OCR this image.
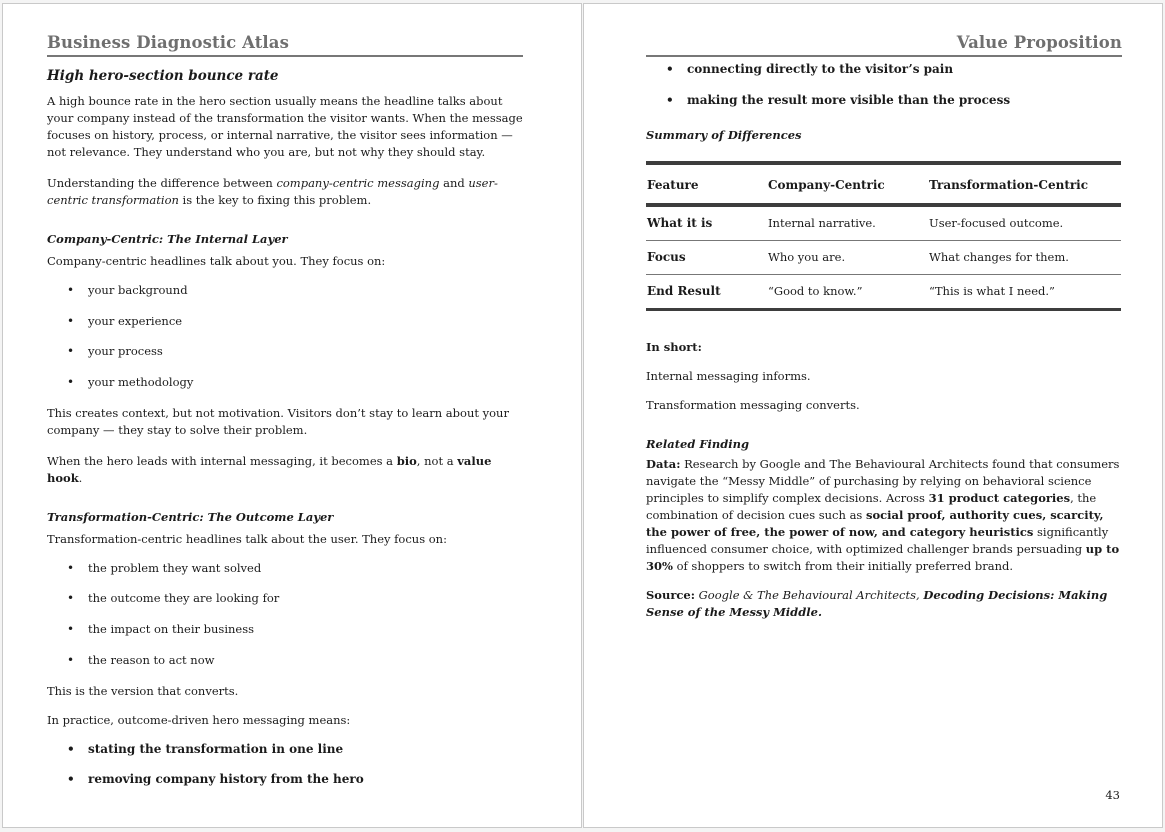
Business Diagnostic Atlas
High hero-section bounce rate

A high bounce rate in the hero section usually means the headline talks about your company instead of the transformation the visitor wants. When the message focuses on history, process, or internal narrative, the visitor sees information — not relevance. They understand who you are, but not why they should stay.

Understanding the difference between company-centric messaging and user-centric transformation is the key to fixing this problem.

Company-Centric: The Internal Layer

Company-centric headlines talk about you. They focus on:

• your background
• your experience
• your process
• your methodology

This creates context, but not motivation. Visitors don’t stay to learn about your company — they stay to solve their problem.

When the hero leads with internal messaging, it becomes a bio, not a value hook.

Transformation-Centric: The Outcome Layer

Transformation-centric headlines talk about the user. They focus on:

• the problem they want solved
• the outcome they are looking for
• the impact on their business
• the reason to act now

This is the version that converts.

In practice, outcome-driven hero messaging means:

• stating the transformation in one line
• removing company history from the hero
Value Proposition
• connecting directly to the visitor’s pain
• making the result more visible than the process
Summary of Differences
Feature	Company-Centric	Transformation-Centric
What it is	Internal narrative.	User-focused outcome.
Focus	Who you are.	What changes for them.
End Result	“Good to know.”	“This is what I need.”

In short:

Internal messaging informs.

Transformation messaging converts.

Related Finding

Data: Research by Google and The Behavioural Architects found that consumers navigate the “Messy Middle” of purchasing by relying on behavioral science principles to simplify complex decisions. Across 31 product categories, the combination of decision cues such as social proof, authority cues, scarcity, the power of free, the power of now, and category heuristics significantly influenced consumer choice, with optimized challenger brands persuading up to 30% of shoppers to switch from their initially preferred brand.

Source: Google & The Behavioural Architects, Decoding Decisions: Making Sense of the Messy Middle.

43
